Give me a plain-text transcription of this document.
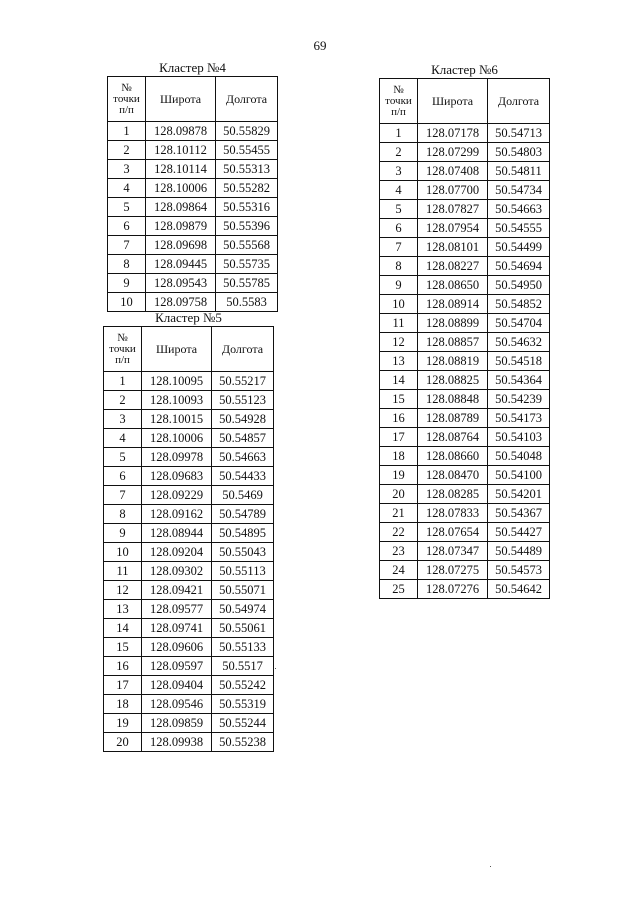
69
Кластер №4
№
точки
п/п	Широта	Долгота
1	128.09878	50.55829
2	128.10112	50.55455
3	128.10114	50.55313
4	128.10006	50.55282
5	128.09864	50.55316
6	128.09879	50.55396
7	128.09698	50.55568
8	128.09445	50.55735
9	128.09543	50.55785
10	128.09758	50.5583
Кластер №5
№
точки
п/п	Широта	Долгота
1	128.10095	50.55217
2	128.10093	50.55123
3	128.10015	50.54928
4	128.10006	50.54857
5	128.09978	50.54663
6	128.09683	50.54433
7	128.09229	50.5469
8	128.09162	50.54789
9	128.08944	50.54895
10	128.09204	50.55043
11	128.09302	50.55113
12	128.09421	50.55071
13	128.09577	50.54974
14	128.09741	50.55061
15	128.09606	50.55133
16	128.09597	50.5517
17	128.09404	50.55242
18	128.09546	50.55319
19	128.09859	50.55244
20	128.09938	50.55238
Кластер №6
№
точки
п/п	Широта	Долгота
1	128.07178	50.54713
2	128.07299	50.54803
3	128.07408	50.54811
4	128.07700	50.54734
5	128.07827	50.54663
6	128.07954	50.54555
7	128.08101	50.54499
8	128.08227	50.54694
9	128.08650	50.54950
10	128.08914	50.54852
11	128.08899	50.54704
12	128.08857	50.54632
13	128.08819	50.54518
14	128.08825	50.54364
15	128.08848	50.54239
16	128.08789	50.54173
17	128.08764	50.54103
18	128.08660	50.54048
19	128.08470	50.54100
20	128.08285	50.54201
21	128.07833	50.54367
22	128.07654	50.54427
23	128.07347	50.54489
24	128.07275	50.54573
25	128.07276	50.54642
